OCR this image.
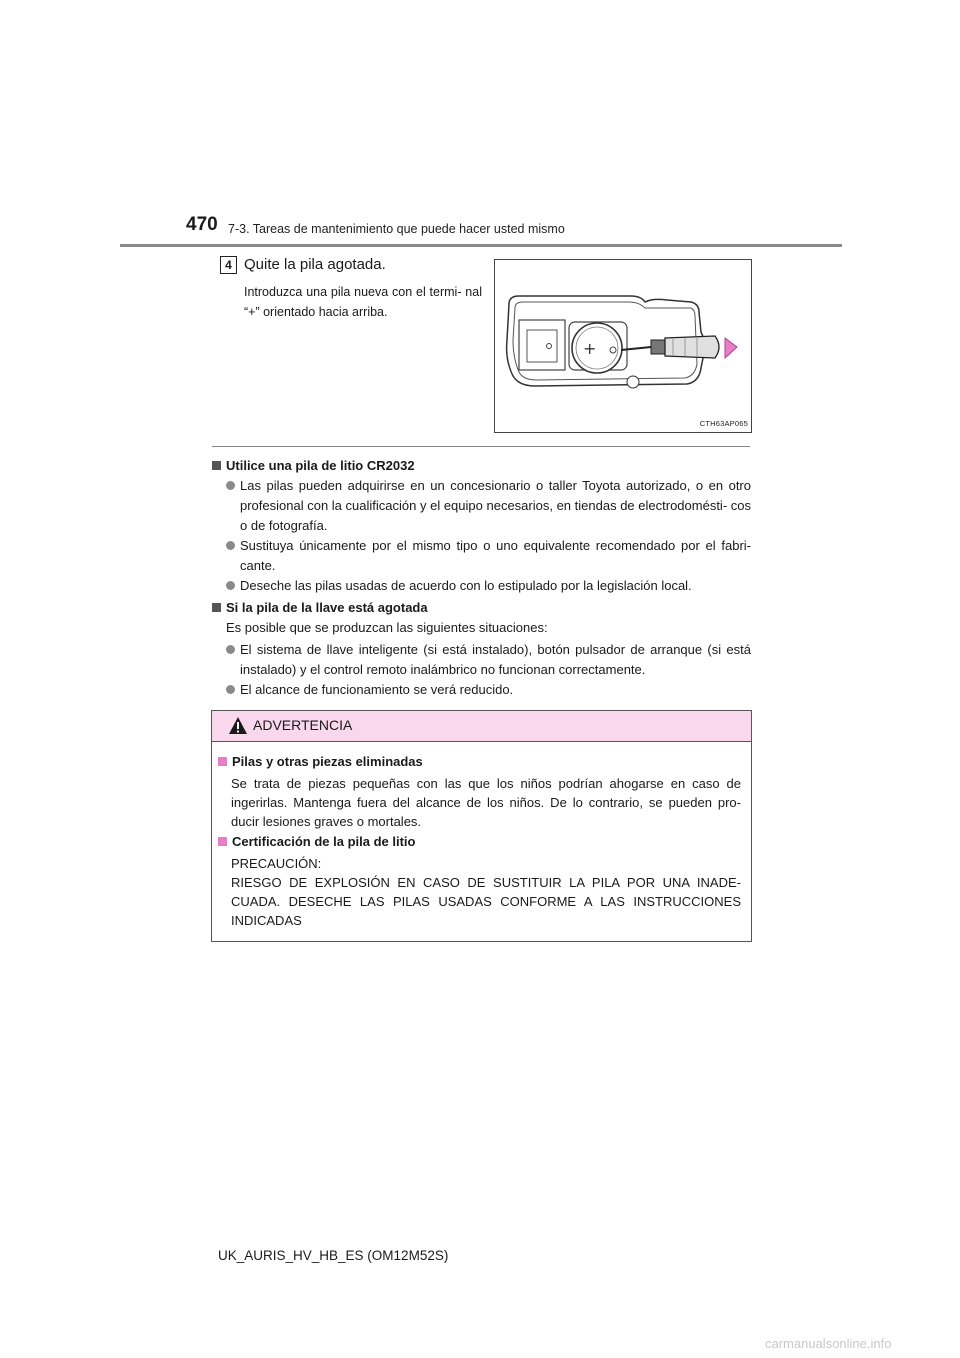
470 7-3. Tareas de mantenimiento que puede hacer usted mismo
4 Quite la pila agotada.
Introduzca una pila nueva con el termi- nal “+” orientado hacia arriba.
+
CTH63AP065
Utilice una pila de litio CR2032
Las pilas pueden adquirirse en un concesionario o taller Toyota autorizado, o en otro profesional con la cualificación y el equipo necesarios, en tiendas de electrodomésti- cos o de fotografía.
Sustituya únicamente por el mismo tipo o uno equivalente recomendado por el fabri- cante.
Deseche las pilas usadas de acuerdo con lo estipulado por la legislación local.
Si la pila de la llave está agotada
Es posible que se produzcan las siguientes situaciones:
El sistema de llave inteligente (si está instalado), botón pulsador de arranque (si está instalado) y el control remoto inalámbrico no funcionan correctamente.
El alcance de funcionamiento se verá reducido.
ADVERTENCIA
Pilas y otras piezas eliminadas
Se trata de piezas pequeñas con las que los niños podrían ahogarse en caso de ingerirlas. Mantenga fuera del alcance de los niños. De lo contrario, se pueden pro- ducir lesiones graves o mortales.
Certificación de la pila de litio
PRECAUCIÓN:
RIESGO DE EXPLOSIÓN EN CASO DE SUSTITUIR LA PILA POR UNA INADE- CUADA. DESECHE LAS PILAS USADAS CONFORME A LAS INSTRUCCIONES INDICADAS
UK_AURIS_HV_HB_ES (OM12M52S)
carmanualsonline.info
